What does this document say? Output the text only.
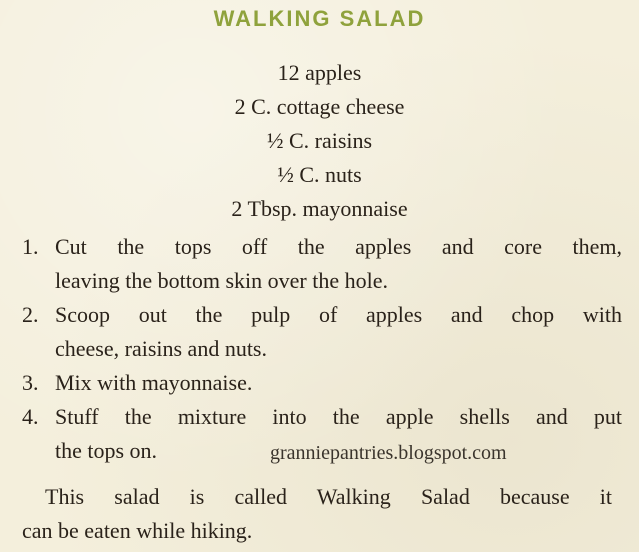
WALKING SALAD
12 apples
2 C. cottage cheese
½ C. raisins
½ C. nuts
2 Tbsp. mayonnaise
1. Cut the tops off the apples and core them,
leaving the bottom skin over the hole.
2. Scoop out the pulp of apples and chop with
cheese, raisins and nuts.
3. Mix with mayonnaise.
4. Stuff the mixture into the apple shells and put
the tops on.	granniepantries.blogspot.com
This salad is called Walking Salad because it
can be eaten while hiking.
